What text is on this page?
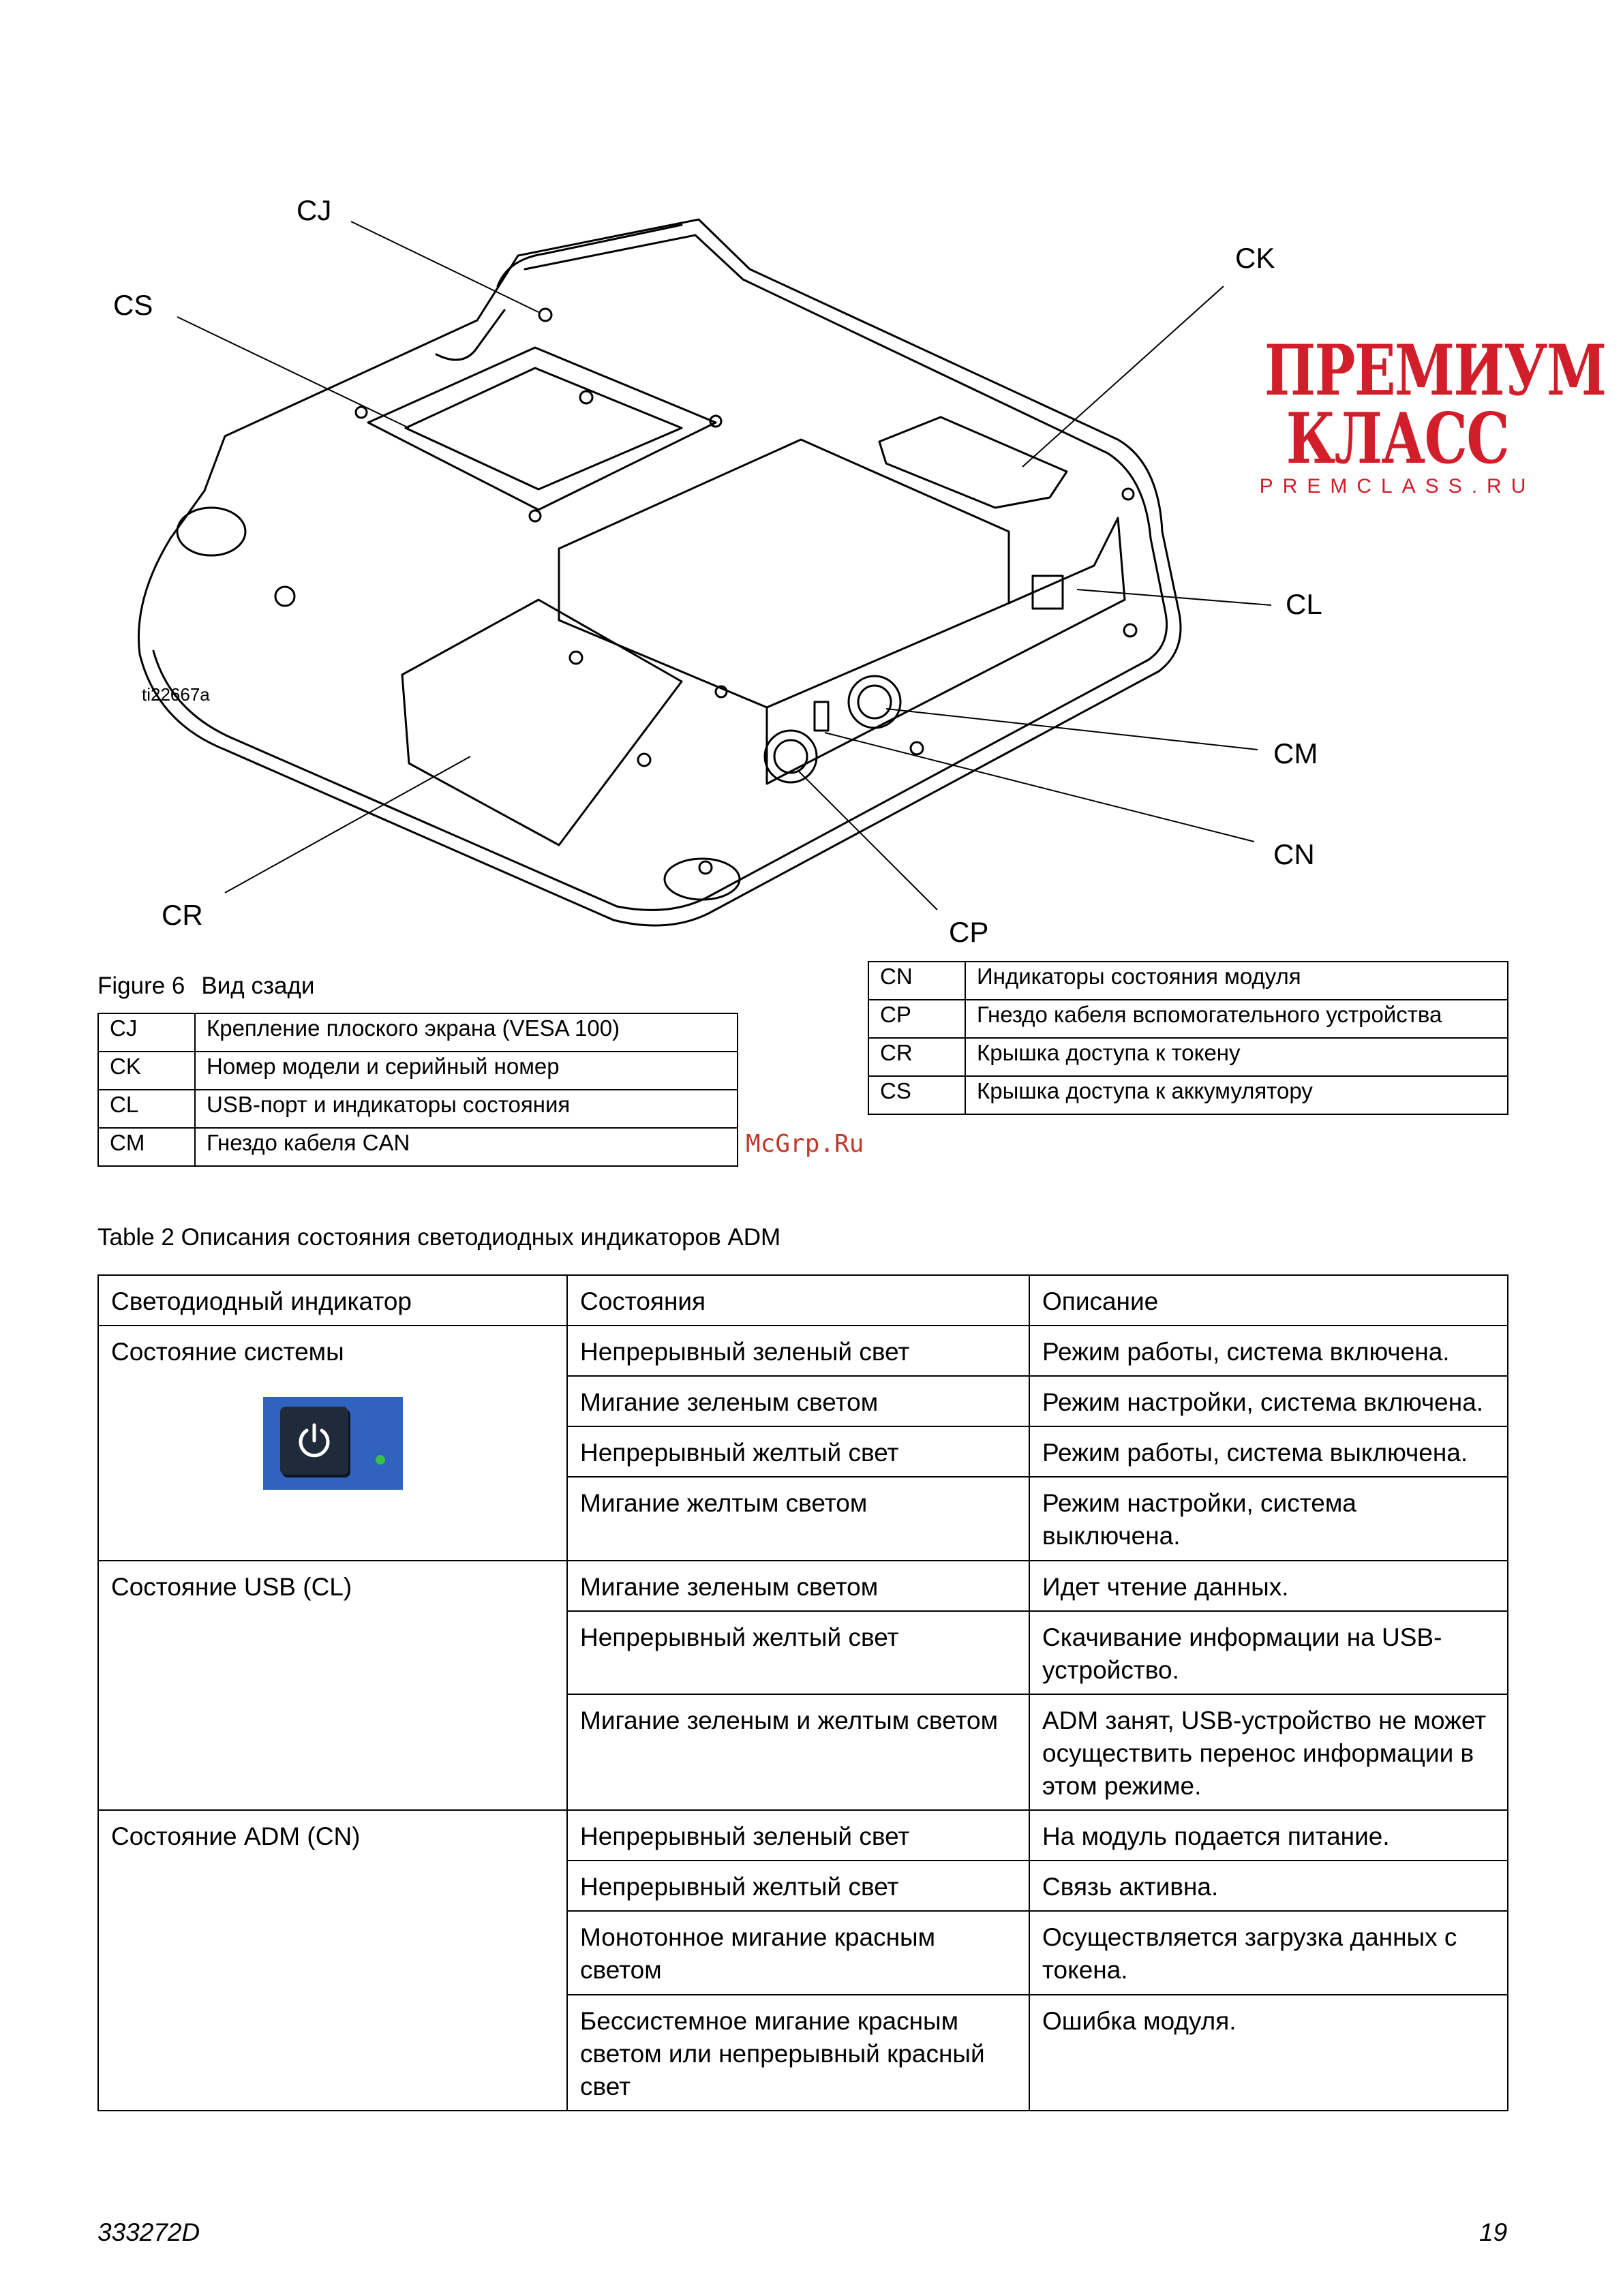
CJ
CS
CK
CL
CM
CN
CR
CP
ti22667a
ПРЕМИУМ
КЛАСС
PREMCLASS.RU
Figure 6 Вид сзади
CJ	Крепление плоского экрана (VESA 100)
CK	Номер модели и серийный номер
CL	USB-порт и индикаторы состояния
CM	Гнездо кабеля CAN
CN	Индикаторы состояния модуля
CP	Гнездо кабеля вспомогательного устройства
CR	Крышка доступа к токену
CS	Крышка доступа к аккумулятору
McGrp.Ru
Table 2 Описания состояния светодиодных индикаторов ADM
Светодиодный индикатор	Состояния	Описание

Состояние системы	Непрерывный зеленый свет	Режим работы, система включена.
	Мигание зеленым светом	Режим настройки, система включена.
	Непрерывный желтый свет	Режим работы, система выключена.
	Мигание желтым светом	Режим настройки, система выключена.

Состояние USB (CL)	Мигание зеленым светом	Идет чтение данных.
	Непрерывный желтый свет	Скачивание информации на USB-устройство.
	Мигание зеленым и желтым светом	ADM занят, USB-устройство не может осуществить перенос информации в этом режиме.

Состояние ADM (CN)	Непрерывный зеленый свет	На модуль подается питание.
	Непрерывный желтый свет	Связь активна.
	Монотонное мигание красным светом	Осуществляется загрузка данных с токена.
	Бессистемное мигание красным светом или непрерывный красный свет	Ошибка модуля.
333272D	19
